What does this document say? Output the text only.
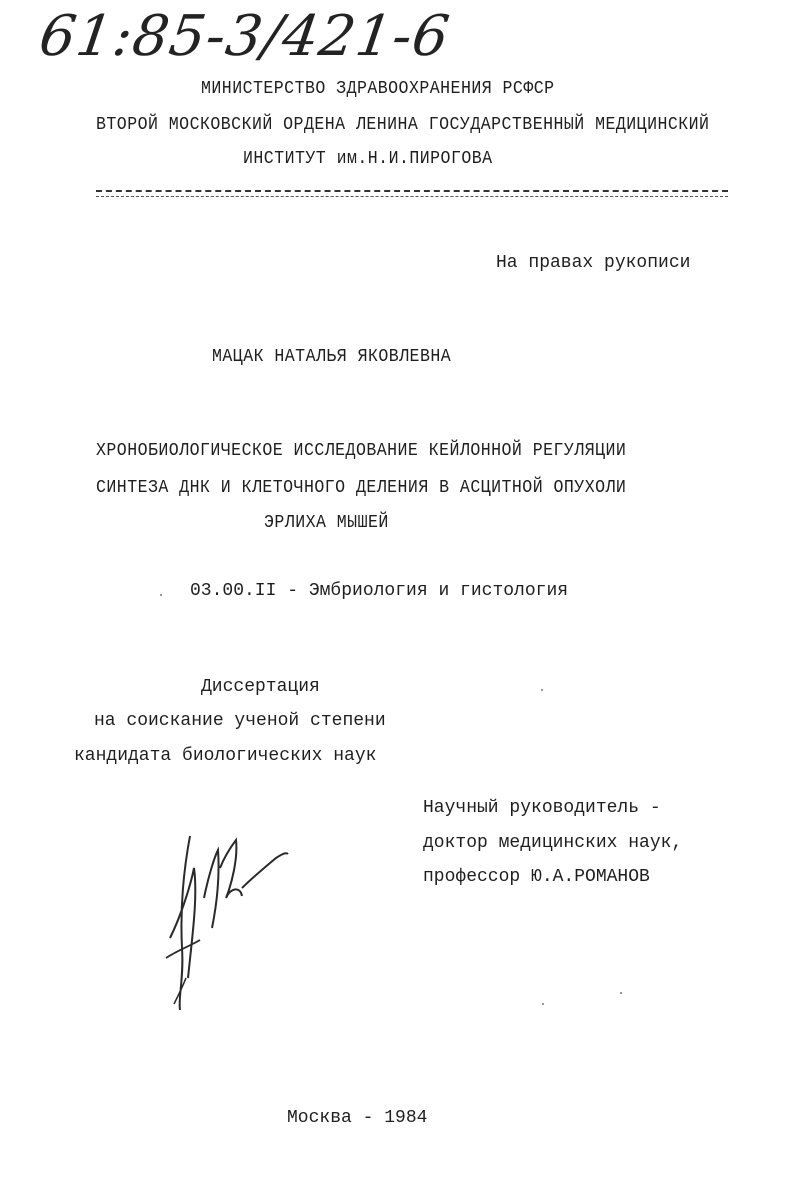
61:85-3/421-6
МИНИСТЕРСТВО ЗДРАВООХРАНЕНИЯ РСФСР
ВТОРОЙ МОСКОВСКИЙ ОРДЕНА ЛЕНИНА ГОСУДАРСТВЕННЫЙ МЕДИЦИНСКИЙ
ИНСТИТУТ им.Н.И.ПИРОГОВА
На правах рукописи
МАЦАК НАТАЛЬЯ ЯКОВЛЕВНА
ХРОНОБИОЛОГИЧЕСКОЕ ИССЛЕДОВАНИЕ КЕЙЛОННОЙ РЕГУЛЯЦИИ
СИНТЕЗА ДНК И КЛЕТОЧНОГО ДЕЛЕНИЯ В АСЦИТНОЙ ОПУХОЛИ
ЭРЛИХА МЫШЕЙ
03.00.II - Эмбриология и гистология
Диссертация
на соискание ученой степени
кандидата биологических наук
Научный руководитель -
доктор медицинских наук,
профессор Ю.А.РОМАНОВ
Москва - 1984
